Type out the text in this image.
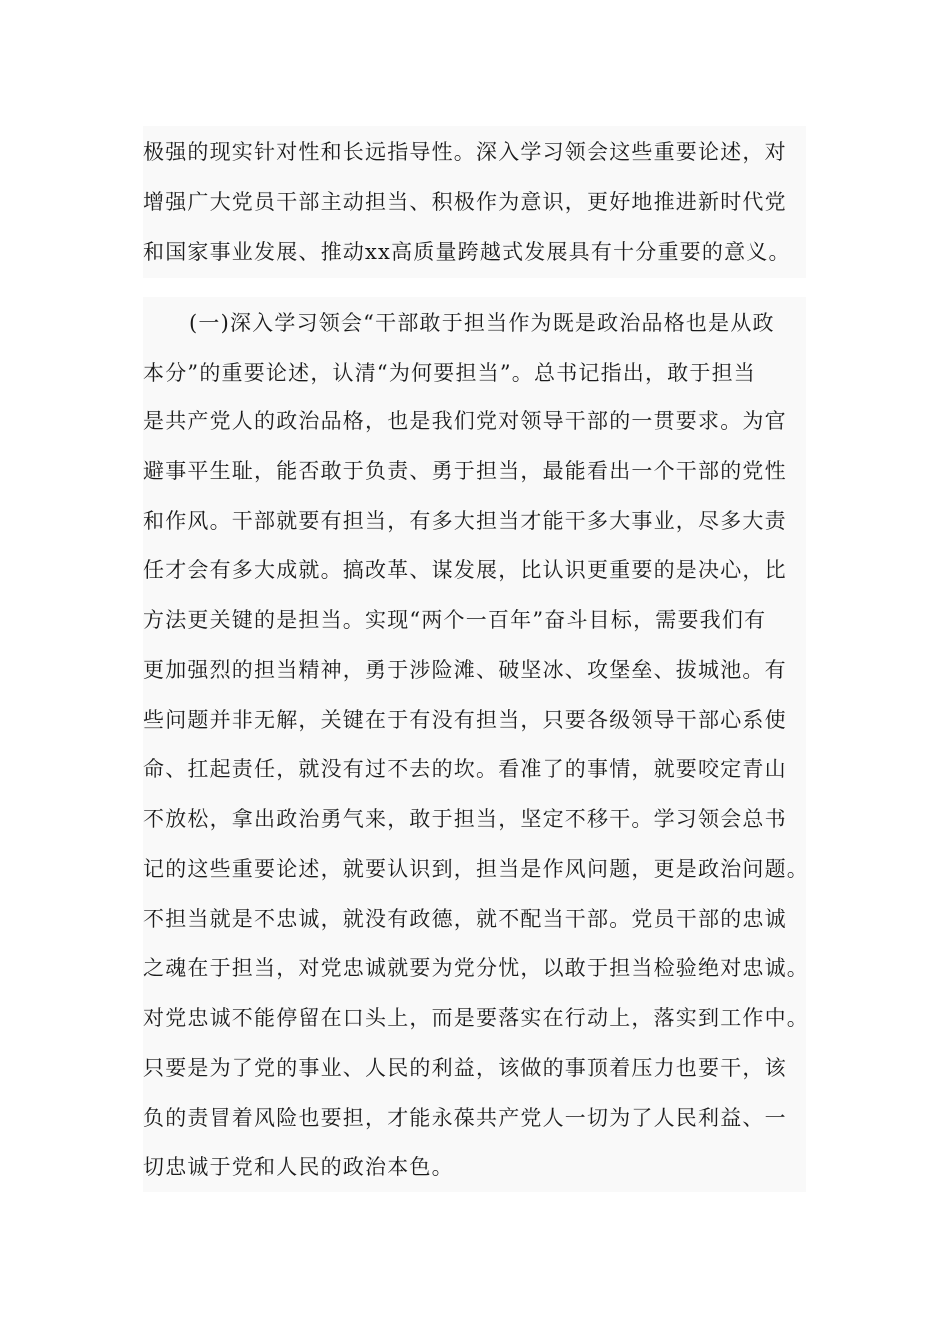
极强的现实针对性和长远指导性。深入学习领会这些重要论述，对
增强广大党员干部主动担当、积极作为意识，更好地推进新时代党
和国家事业发展、推动xx高质量跨越式发展具有十分重要的意义。
(一)深入学习领会“干部敢于担当作为既是政治品格也是从政
本分”的重要论述，认清“为何要担当”。总书记指出，敢于担当
是共产党人的政治品格，也是我们党对领导干部的一贯要求。为官
避事平生耻，能否敢于负责、勇于担当，最能看出一个干部的党性
和作风。干部就要有担当，有多大担当才能干多大事业，尽多大责
任才会有多大成就。搞改革、谋发展，比认识更重要的是决心，比
方法更关键的是担当。实现“两个一百年”奋斗目标，需要我们有
更加强烈的担当精神，勇于涉险滩、破坚冰、攻堡垒、拔城池。有
些问题并非无解，关键在于有没有担当，只要各级领导干部心系使
命、扛起责任，就没有过不去的坎。看准了的事情，就要咬定青山
不放松，拿出政治勇气来，敢于担当，坚定不移干。学习领会总书
记的这些重要论述，就要认识到，担当是作风问题，更是政治问题。
不担当就是不忠诚，就没有政德，就不配当干部。党员干部的忠诚
之魂在于担当，对党忠诚就要为党分忧，以敢于担当检验绝对忠诚。
对党忠诚不能停留在口头上，而是要落实在行动上，落实到工作中。
只要是为了党的事业、人民的利益，该做的事顶着压力也要干，该
负的责冒着风险也要担，才能永葆共产党人一切为了人民利益、一
切忠诚于党和人民的政治本色。
